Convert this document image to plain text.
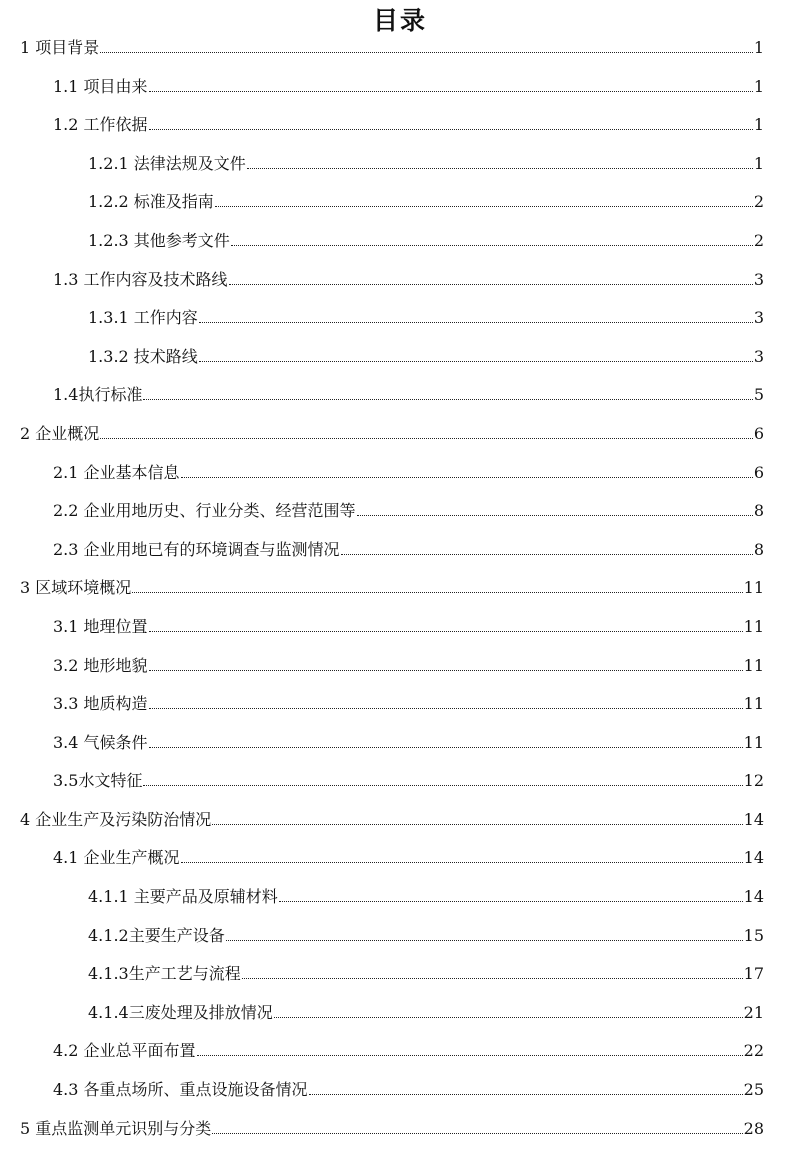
目录
1 项目背景	1
1.1 项目由来	1
1.2 工作依据	1
1.2.1 法律法规及文件	1
1.2.2 标准及指南	2
1.2.3 其他参考文件	2
1.3 工作内容及技术路线	3
1.3.1 工作内容	3
1.3.2 技术路线	3
1.4执行标准	5
2 企业概况	6
2.1 企业基本信息	6
2.2 企业用地历史、行业分类、经营范围等	8
2.3 企业用地已有的环境调查与监测情况	8
3 区域环境概况	11
3.1 地理位置	11
3.2 地形地貌	11
3.3 地质构造	11
3.4 气候条件	11
3.5水文特征	12
4 企业生产及污染防治情况	14
4.1 企业生产概况	14
4.1.1 主要产品及原辅材料	14
4.1.2主要生产设备	15
4.1.3生产工艺与流程	17
4.1.4三废处理及排放情况	21
4.2 企业总平面布置	22
4.3 各重点场所、重点设施设备情况	25
5 重点监测单元识别与分类	28
